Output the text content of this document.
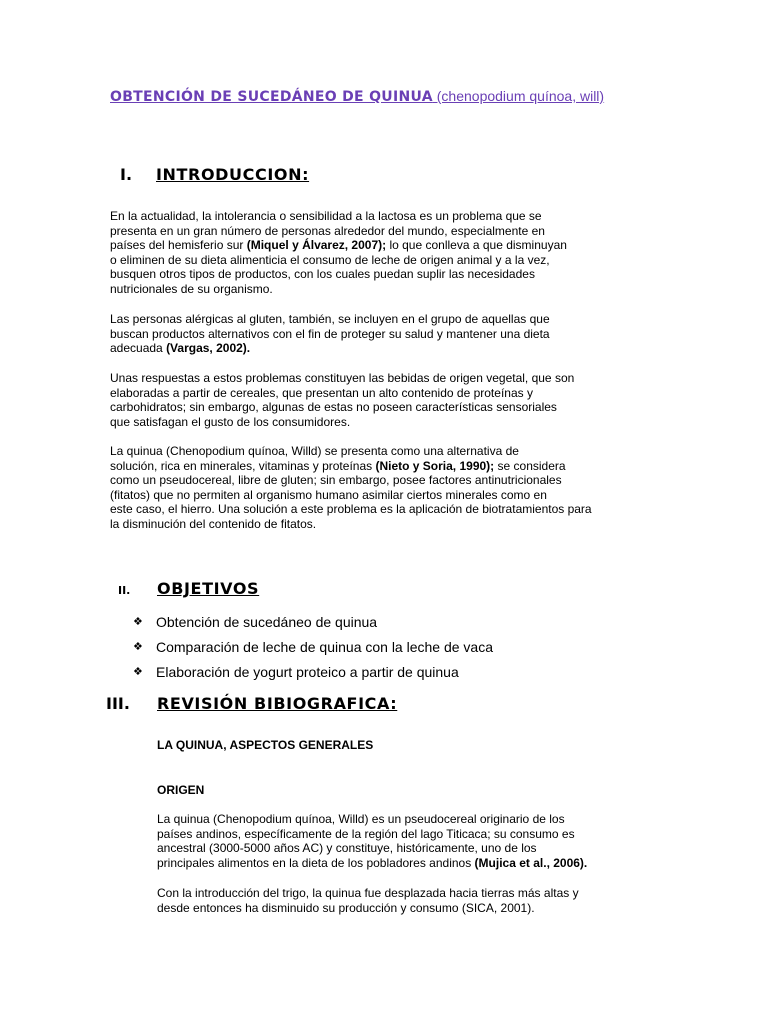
OBTENCIÓN DE SUCEDÁNEO DE QUINUA (chenopodium quínoa, will)
I. INTRODUCCION:
En la actualidad, la intolerancia o sensibilidad a la lactosa es un problema que se
presenta en un gran número de personas alrededor del mundo, especialmente en
países del hemisferio sur (Miquel y Álvarez, 2007); lo que conlleva a que disminuyan
o eliminen de su dieta alimenticia el consumo de leche de origen animal y a la vez,
busquen otros tipos de productos, con los cuales puedan suplir las necesidades
nutricionales de su organismo.
Las personas alérgicas al gluten, también, se incluyen en el grupo de aquellas que
buscan productos alternativos con el fin de proteger su salud y mantener una dieta
adecuada (Vargas, 2002).
Unas respuestas a estos problemas constituyen las bebidas de origen vegetal, que son
elaboradas a partir de cereales, que presentan un alto contenido de proteínas y
carbohidratos; sin embargo, algunas de estas no poseen características sensoriales
que satisfagan el gusto de los consumidores.
La quinua (Chenopodium quínoa, Willd) se presenta como una alternativa de
solución, rica en minerales, vitaminas y proteínas (Nieto y Soria, 1990); se considera
como un pseudocereal, libre de gluten; sin embargo, posee factores antinutricionales
(fitatos) que no permiten al organismo humano asimilar ciertos minerales como en
este caso, el hierro. Una solución a este problema es la aplicación de biotratamientos para
la disminución del contenido de fitatos.
II. OBJETIVOS
❖ Obtención de sucedáneo de quinua
❖ Comparación de leche de quinua con la leche de vaca
❖ Elaboración de yogurt proteico a partir de quinua
III. REVISIÓN BIBIOGRAFICA:
LA QUINUA, ASPECTOS GENERALES
ORIGEN
La quinua (Chenopodium quínoa, Willd) es un pseudocereal originario de los
países andinos, específicamente de la región del lago Titicaca; su consumo es
ancestral (3000-5000 años AC) y constituye, históricamente, uno de los
principales alimentos en la dieta de los pobladores andinos (Mujica et al., 2006).
Con la introducción del trigo, la quinua fue desplazada hacia tierras más altas y
desde entonces ha disminuido su producción y consumo (SICA, 2001).
